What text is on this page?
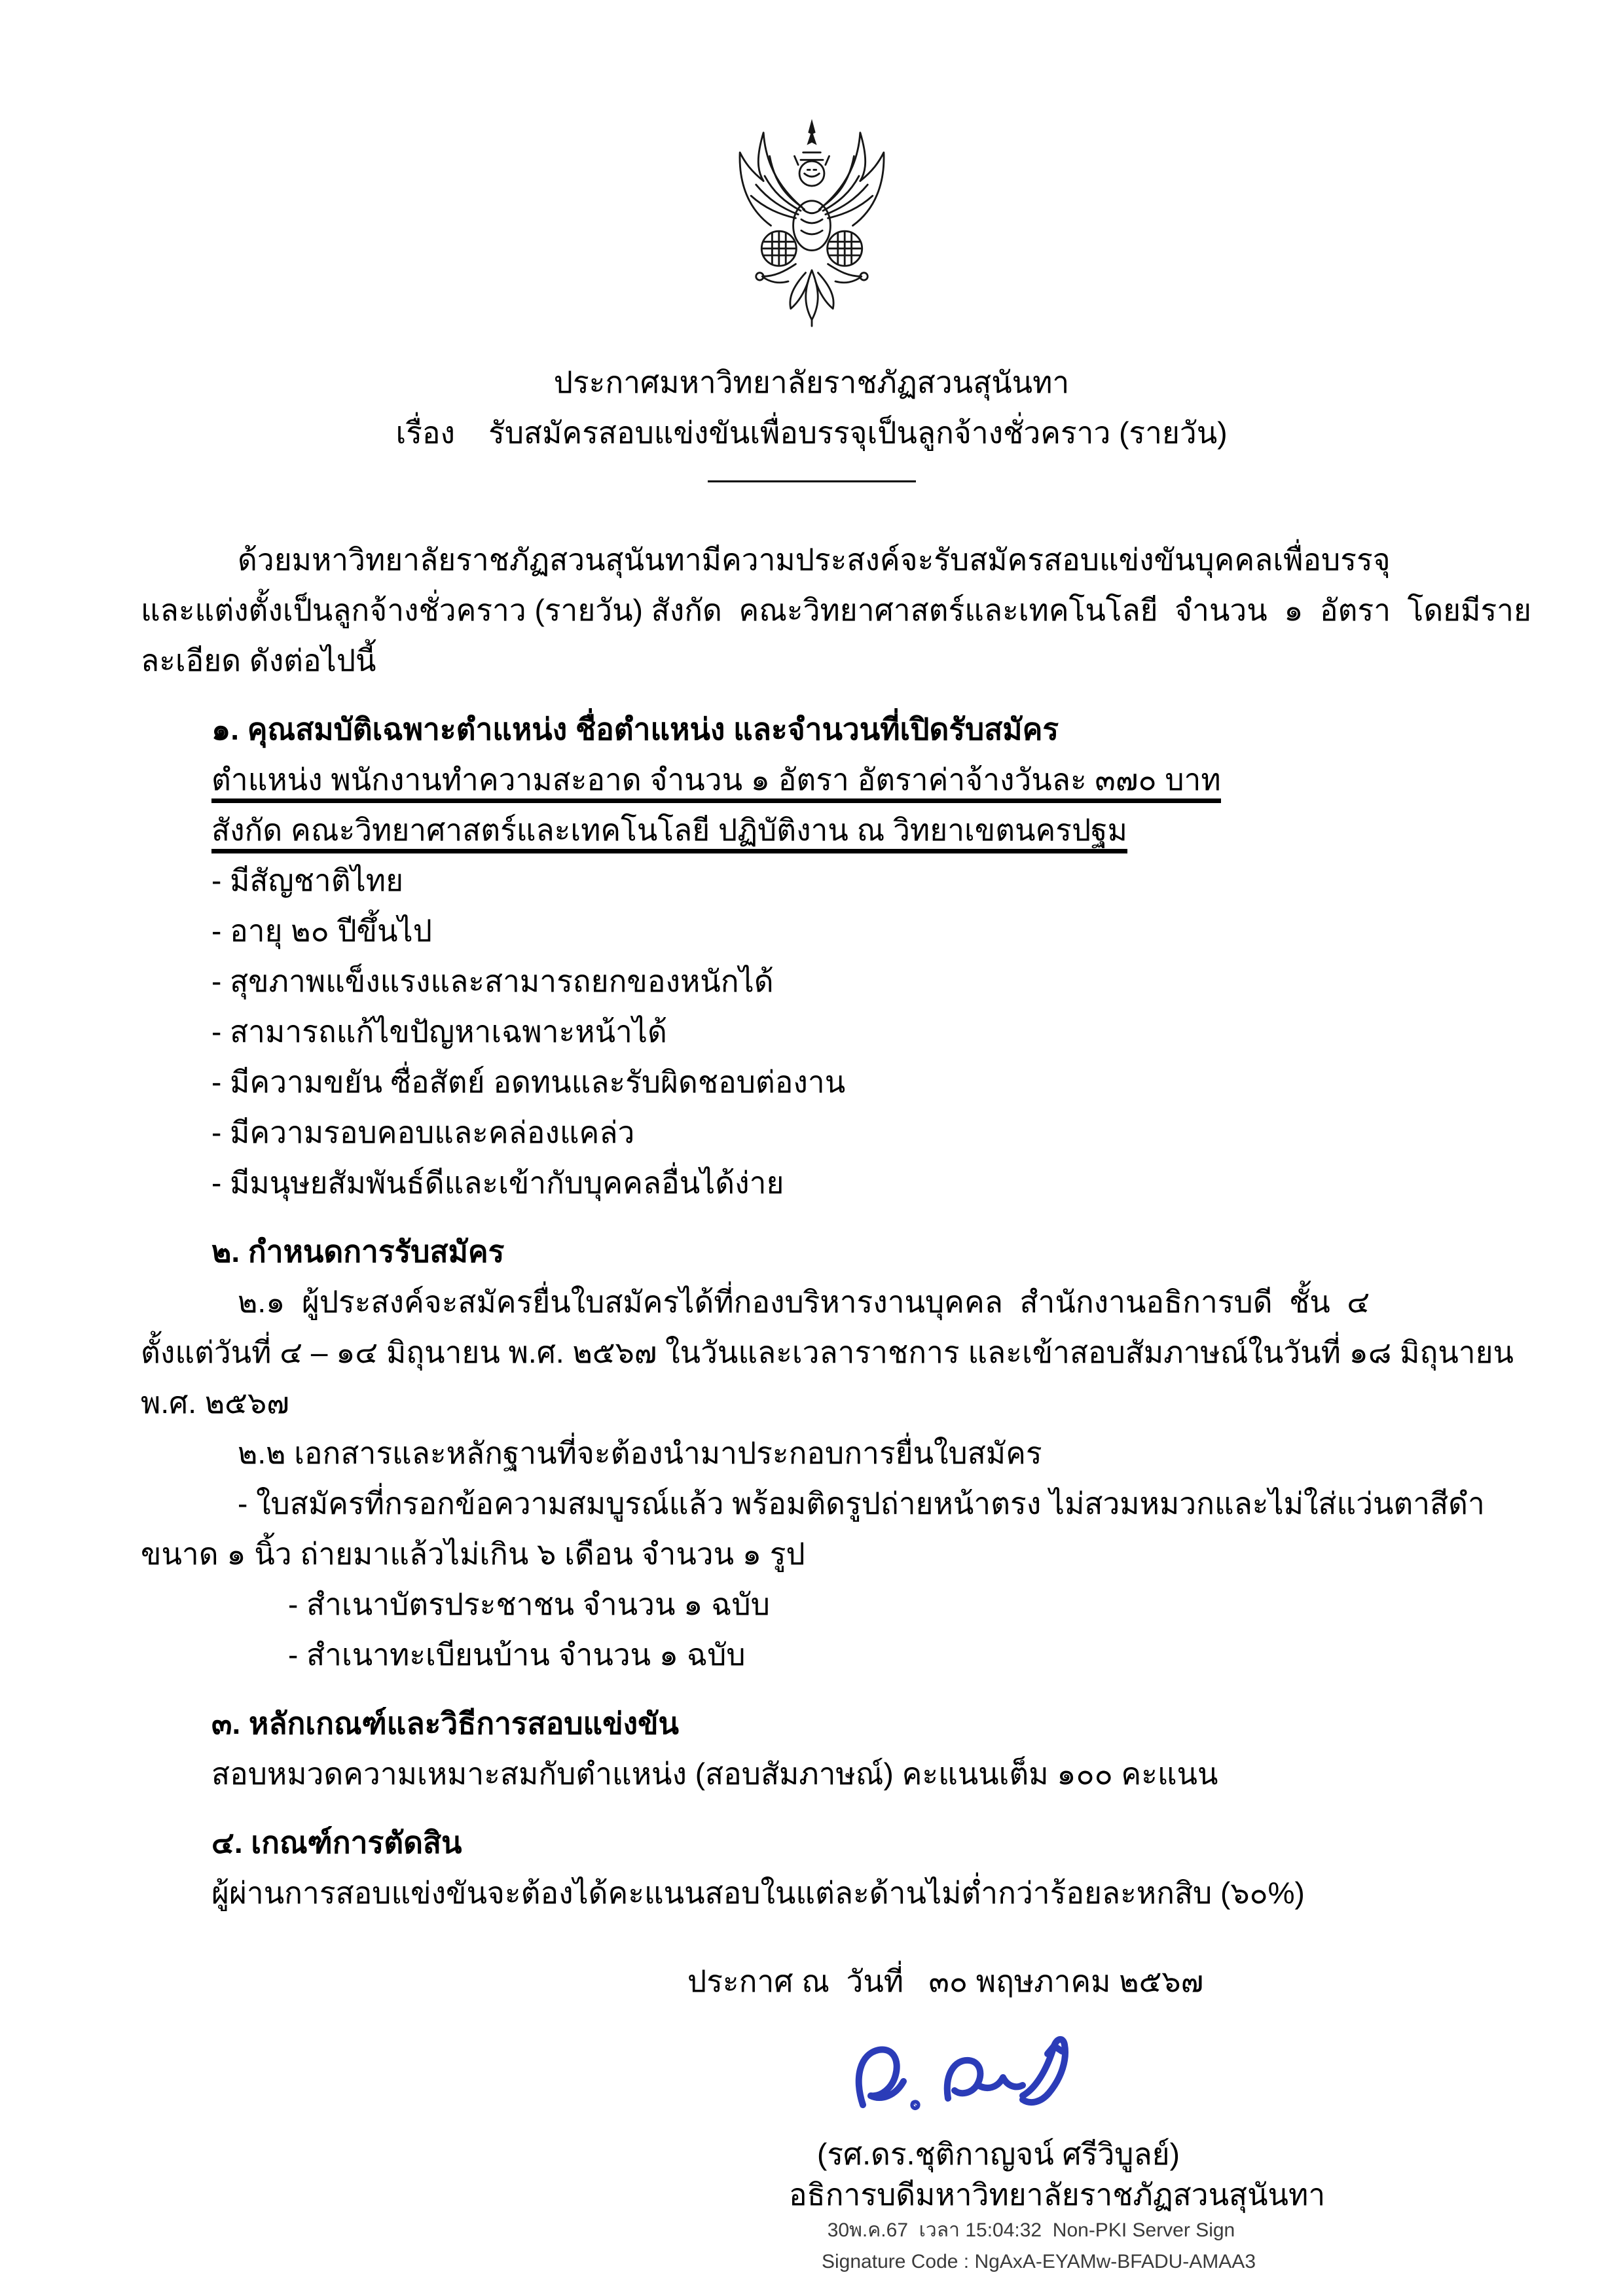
ประกาศมหาวิทยาลัยราชภัฏสวนสุนันทา
เรื่อง    รับสมัครสอบแข่งขันเพื่อบรรจุเป็นลูกจ้างชั่วคราว (รายวัน)
ด้วยมหาวิทยาลัยราชภัฏสวนสุนันทามีความประสงค์จะรับสมัครสอบแข่งขันบุคคลเพื่อบรรจุ
และแต่งตั้งเป็นลูกจ้างชั่วคราว (รายวัน) สังกัด  คณะวิทยาศาสตร์และเทคโนโลยี  จำนวน  ๑  อัตรา  โดยมีราย
ละเอียด ดังต่อไปนี้
๑. คุณสมบัติเฉพาะตำแหน่ง ชื่อตำแหน่ง และจำนวนที่เปิดรับสมัคร
ตำแหน่ง พนักงานทำความสะอาด จำนวน ๑ อัตรา อัตราค่าจ้างวันละ ๓๗๐ บาท
สังกัด คณะวิทยาศาสตร์และเทคโนโลยี ปฏิบัติงาน ณ วิทยาเขตนครปฐม
- มีสัญชาติไทย
- อายุ ๒๐ ปีขึ้นไป
- สุขภาพแข็งแรงและสามารถยกของหนักได้
- สามารถแก้ไขปัญหาเฉพาะหน้าได้
- มีความขยัน ซื่อสัตย์ อดทนและรับผิดชอบต่องาน
- มีความรอบคอบและคล่องแคล่ว
- มีมนุษยสัมพันธ์ดีและเข้ากับบุคคลอื่นได้ง่าย
๒. กำหนดการรับสมัคร
๒.๑  ผู้ประสงค์จะสมัครยื่นใบสมัครได้ที่กองบริหารงานบุคคล  สำนักงานอธิการบดี  ชั้น  ๔
ตั้งแต่วันที่ ๔ – ๑๔ มิถุนายน พ.ศ. ๒๕๖๗ ในวันและเวลาราชการ และเข้าสอบสัมภาษณ์ในวันที่ ๑๘ มิถุนายน
พ.ศ. ๒๕๖๗
๒.๒ เอกสารและหลักฐานที่จะต้องนำมาประกอบการยื่นใบสมัคร
- ใบสมัครที่กรอกข้อความสมบูรณ์แล้ว พร้อมติดรูปถ่ายหน้าตรง ไม่สวมหมวกและไม่ใส่แว่นตาสีดำ
ขนาด ๑ นิ้ว ถ่ายมาแล้วไม่เกิน ๖ เดือน จำนวน ๑ รูป
- สำเนาบัตรประชาชน จำนวน ๑ ฉบับ
- สำเนาทะเบียนบ้าน จำนวน ๑ ฉบับ
๓. หลักเกณฑ์และวิธีการสอบแข่งขัน
สอบหมวดความเหมาะสมกับตำแหน่ง (สอบสัมภาษณ์) คะแนนเต็ม ๑๐๐ คะแนน
๔. เกณฑ์การตัดสิน
ผู้ผ่านการสอบแข่งขันจะต้องได้คะแนนสอบในแต่ละด้านไม่ต่ำกว่าร้อยละหกสิบ (๖๐%)
ประกาศ ณ  วันที่   ๓๐ พฤษภาคม ๒๕๖๗
(รศ.ดร.ชุติกาญจน์ ศรีวิบูลย์)
อธิการบดีมหาวิทยาลัยราชภัฏสวนสุนันทา
30พ.ค.67  เวลา 15:04:32  Non-PKI Server Sign
Signature Code : NgAxA-EYAMw-BFADU-AMAA3
